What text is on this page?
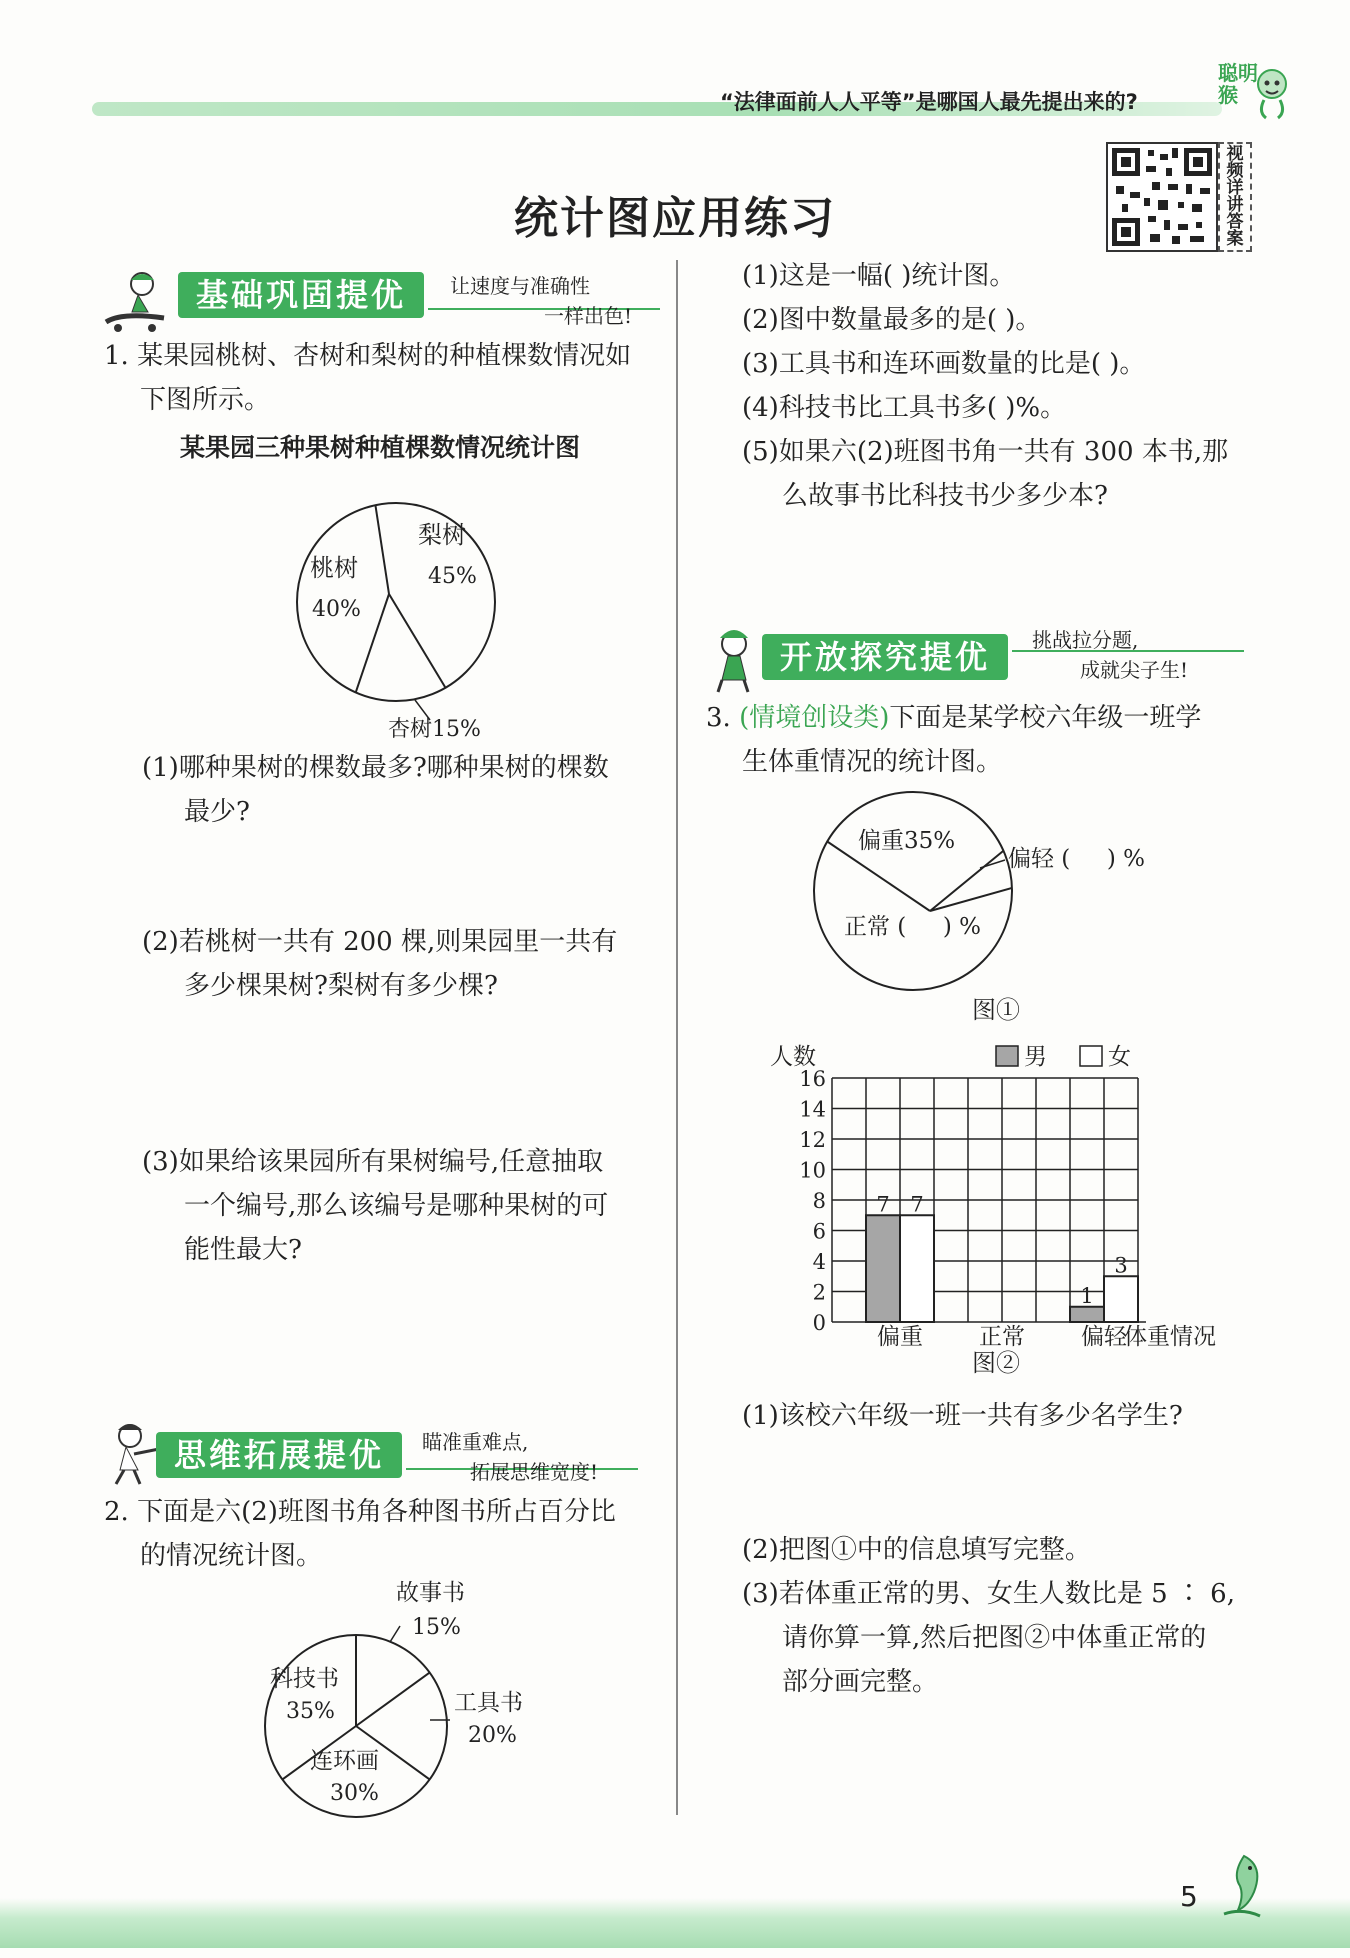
“法律面前人人平等”是哪国人最先提出来的?
聪明猴
统计图应用练习
视频详讲答案
基础巩固提优	让速度与准确性
一样出色!
1. 某果园桃树、杏树和梨树的种植棵数情况如
下图所示。
某果园三种果树种植棵数情况统计图
梨树
45%
桃树
40%
杏树15%
(1)哪种果树的棵数最多?哪种果树的棵数
最少?
(2)若桃树一共有 200 棵,则果园里一共有
多少棵果树?梨树有多少棵?
(3)如果给该果园所有果树编号,任意抽取
一个编号,那么该编号是哪种果树的可
能性最大?
思维拓展提优	瞄准重难点,
拓展思维宽度!
2. 下面是六(2)班图书角各种图书所占百分比
的情况统计图。
故事书
15%
工具书
20%
连环画
30%
科技书
35%
(1)这是一幅( )统计图。
(2)图中数量最多的是( )。
(3)工具书和连环画数量的比是( )。
(4)科技书比工具书多( )%。
(5)如果六(2)班图书角一共有 300 本书,那
么故事书比科技书少多少本?
开放探究提优	挑战拉分题,
成就尖子生!
3. (情境创设类)下面是某学校六年级一班学
生体重情况的统计图。
偏重35%
偏轻 (     ) %
正常 (     ) %
图①
人数	男	女
体重情况
0
2
4
6
8
10
12
14
16
偏重 正常 偏轻
7 7
1
3
图②
(1)该校六年级一班一共有多少名学生?
(2)把图①中的信息填写完整。
(3)若体重正常的男、女生人数比是 5 ∶ 6,
请你算一算,然后把图②中体重正常的
部分画完整。
5
